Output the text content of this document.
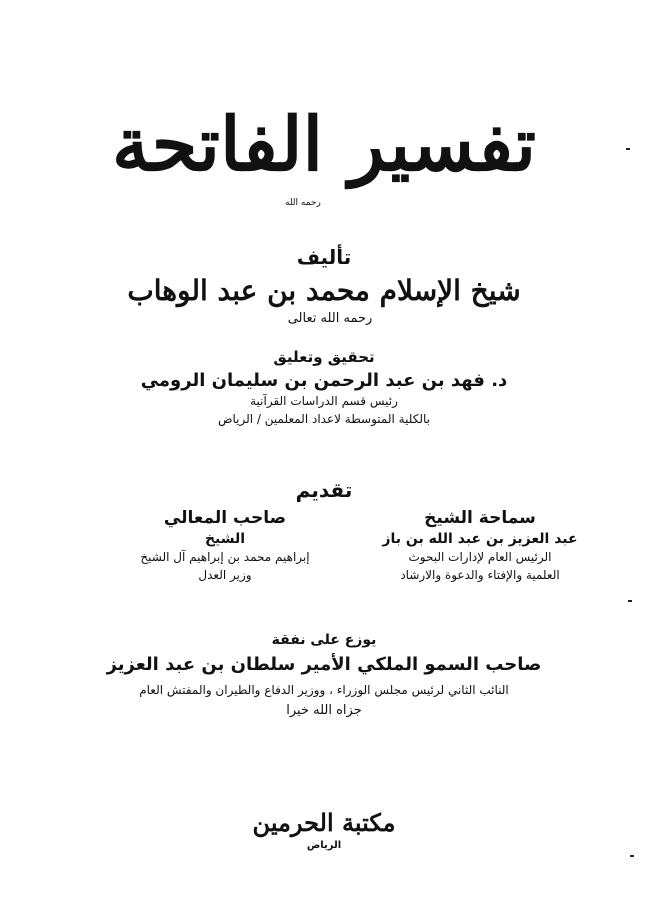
تفسير الفاتحة
رحمه الله
تأليف
شيخ الإسلام محمد بن عبد الوهاب
رحمه الله تعالى
تحقيق وتعليق
د. فهد بن عبد الرحمن بن سليمان الرومي
رئيس قسم الدراسات القرآنية
بالكلية المتوسطة لاعداد المعلمين / الرياض
تقديم
سماحة الشيخ
عبد العزيز بن عبد الله بن باز
الرئيس العام لإدارات البحوث
العلمية والإفتاء والدعوة والارشاد
صاحب المعالي
الشيخ
إبراهيم محمد بن إبراهيم آل الشيخ
وزير العدل
يوزع على نفقة
صاحب السمو الملكي الأمير سلطان بن عبد العزيز
النائب الثاني لرئيس مجلس الوزراء ، ووزير الدفاع والطيران والمفتش العام
جزاه الله خيرا
مكتبة الحرمين
الرياض
